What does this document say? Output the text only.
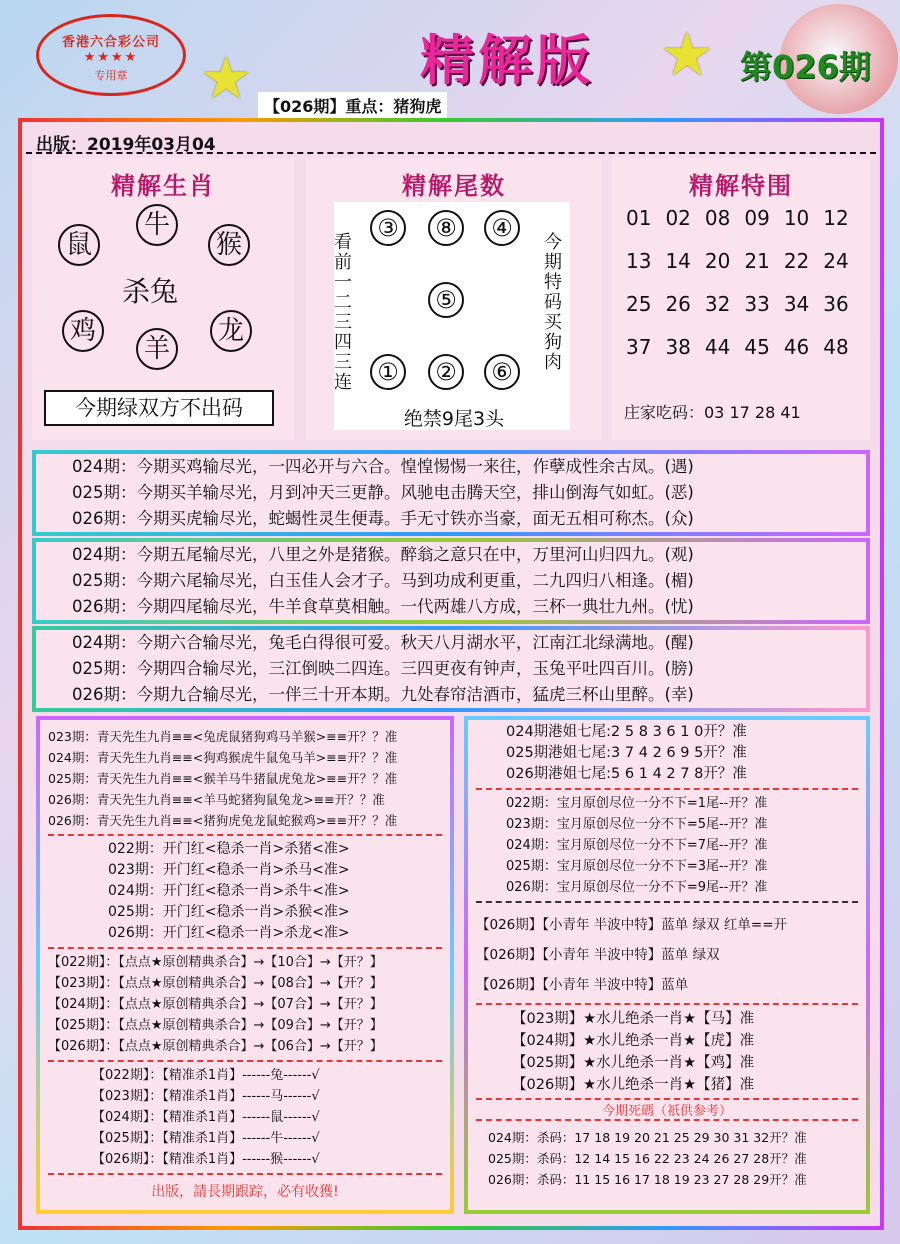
香港六合彩公司
★★★★
专用章	★	★
精解版	第026期
【026期】重点：猪狗虎
出版：2019年03月04
精解生肖
鼠
牛
猴
鸡
羊
龙
杀兔
今期绿双方不出码
精解尾数
③	⑧	④
⑤
①	②	⑥
看前一二三四三连	今期特码买狗肉
绝禁9尾3头
精解特围
01 02 08 09 10 12
13 14 20 21 22 24
25 26 32 33 34 36
37 38 44 45 46 48
庄家吃码：03 17 28 41
024期：今期买鸡输尽光，一四必开与六合。惶惶惕惕一来往，作孽成性余古凤。(遇)
025期：今期买羊输尽光，月到冲天三更静。风驰电击腾天空，排山倒海气如虹。(恶)
026期：今期买虎输尽光，蛇蝎性灵生便毒。手无寸铁亦当豪，面无五相可称杰。(众)
024期：今期五尾输尽光，八里之外是猪猴。醉翁之意只在中，万里河山归四九。(观)
025期：今期六尾输尽光，白玉佳人会才子。马到功成利更重，二九四归八相逢。(楣)
026期：今期四尾输尽光，牛羊食草莫相触。一代两雄八方成，三杯一典壮九州。(忧)
024期：今期六合输尽光，兔毛白得很可爱。秋天八月湖水平，江南江北绿满地。(醒)
025期：今期四合输尽光，三江倒映二四连。三四更夜有钟声，玉兔平吐四百川。(膀)
026期：今期九合输尽光，一伴三十开本期。九处春帘洁酒市，猛虎三杯山里醉。(幸)
023期：青天先生九肖≡≡<兔虎鼠猪狗鸡马羊猴>≡≡开？？准
024期：青天先生九肖≡≡<狗鸡猴虎牛鼠兔马羊>≡≡开？？准
025期：青天先生九肖≡≡<猴羊马牛猪鼠虎兔龙>≡≡开？？准
026期：青天先生九肖≡≡<羊马蛇猪狗鼠兔龙>≡≡开？？准
026期：青天先生九肖≡≡<猪狗虎兔龙鼠蛇猴鸡>≡≡开？？准
022期：开门红<稳杀一肖>杀猪<准>
023期：开门红<稳杀一肖>杀马<准>
024期：开门红<稳杀一肖>杀牛<准>
025期：开门红<稳杀一肖>杀猴<准>
026期：开门红<稳杀一肖>杀龙<准>
【022期】：【点点★原创精典杀合】→【10合】→【开？】
【023期】：【点点★原创精典杀合】→【08合】→【开？】
【024期】：【点点★原创精典杀合】→【07合】→【开？】
【025期】：【点点★原创精典杀合】→【09合】→【开？】
【026期】：【点点★原创精典杀合】→【06合】→【开？】
【022期】：【精准杀1肖】------兔------√
【023期】：【精准杀1肖】------马------√
【024期】：【精准杀1肖】------鼠------√
【025期】：【精准杀1肖】------牛------√
【026期】：【精准杀1肖】------猴------√
出版，請長期跟踪，必有收獲!
024期港姐七尾:2 5 8 3 6 1 0开？准
025期港姐七尾:3 7 4 2 6 9 5开？准
026期港姐七尾:5 6 1 4 2 7 8开？准
022期：宝月原创尽位一分不下=1尾--开？准
023期：宝月原创尽位一分不下=5尾--开？准
024期：宝月原创尽位一分不下=7尾--开？准
025期：宝月原创尽位一分不下=3尾--开？准
026期：宝月原创尽位一分不下=9尾--开？准
【026期】【小青年 半波中特】蓝单 绿双 红单==开
【026期】【小青年 半波中特】蓝单 绿双
【026期】【小青年 半波中特】蓝单
【023期】★水儿绝杀一肖★【马】准
【024期】★水儿绝杀一肖★【虎】准
【025期】★水儿绝杀一肖★【鸡】准
【026期】★水儿绝杀一肖★【猪】准
今期死碼（祇供参考）
024期：杀码：17 18 19 20 21 25 29 30 31 32开？准
025期：杀码：12 14 15 16 22 23 24 26 27 28开？准
026期：杀码：11 15 16 17 18 19 23 27 28 29开？准
